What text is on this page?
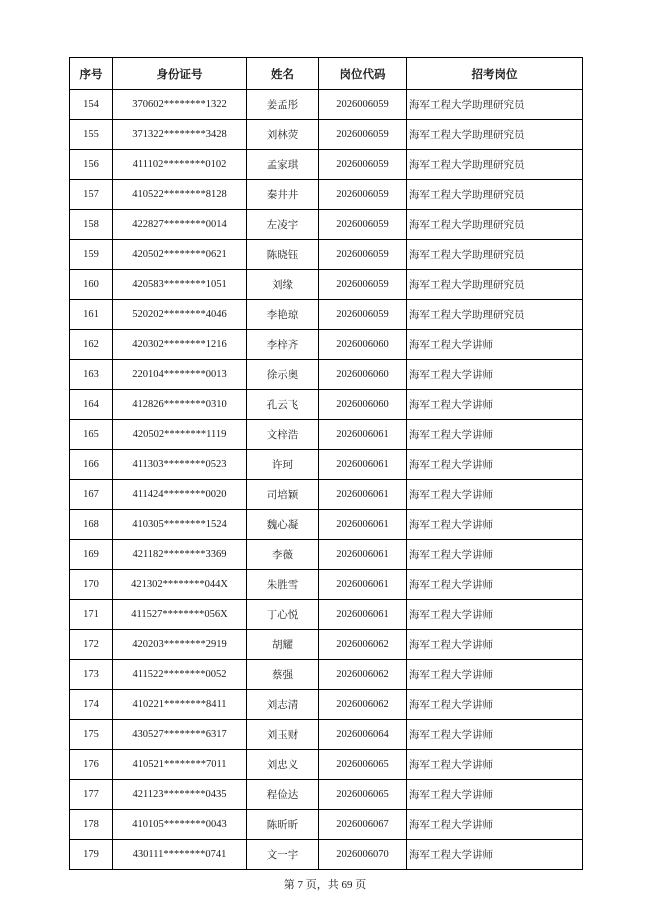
序号	身份证号	姓名	岗位代码	招考岗位
154	370602********1322	姜孟彤	2026006059	海军工程大学助理研究员
155	371322********3428	刘林荧	2026006059	海军工程大学助理研究员
156	411102********0102	孟家琪	2026006059	海军工程大学助理研究员
157	410522********8128	秦井井	2026006059	海军工程大学助理研究员
158	422827********0014	左凌宇	2026006059	海军工程大学助理研究员
159	420502********0621	陈晓钰	2026006059	海军工程大学助理研究员
160	420583********1051	刘缘	2026006059	海军工程大学助理研究员
161	520202********4046	李艳琼	2026006059	海军工程大学助理研究员
162	420302********1216	李梓齐	2026006060	海军工程大学讲师
163	220104********0013	徐示奥	2026006060	海军工程大学讲师
164	412826********0310	孔云飞	2026006060	海军工程大学讲师
165	420502********1119	文梓浩	2026006061	海军工程大学讲师
166	411303********0523	许珂	2026006061	海军工程大学讲师
167	411424********0020	司培颖	2026006061	海军工程大学讲师
168	410305********1524	魏心凝	2026006061	海军工程大学讲师
169	421182********3369	李薇	2026006061	海军工程大学讲师
170	421302********044X	朱胜雪	2026006061	海军工程大学讲师
171	411527********056X	丁心悦	2026006061	海军工程大学讲师
172	420203********2919	胡耀	2026006062	海军工程大学讲师
173	411522********0052	蔡强	2026006062	海军工程大学讲师
174	410221********8411	刘志清	2026006062	海军工程大学讲师
175	430527********6317	刘玉财	2026006064	海军工程大学讲师
176	410521********7011	刘忠义	2026006065	海军工程大学讲师
177	421123********0435	程俭达	2026006065	海军工程大学讲师
178	410105********0043	陈昕昕	2026006067	海军工程大学讲师
179	430111********0741	文一宇	2026006070	海军工程大学讲师
第 7 页，共 69 页
